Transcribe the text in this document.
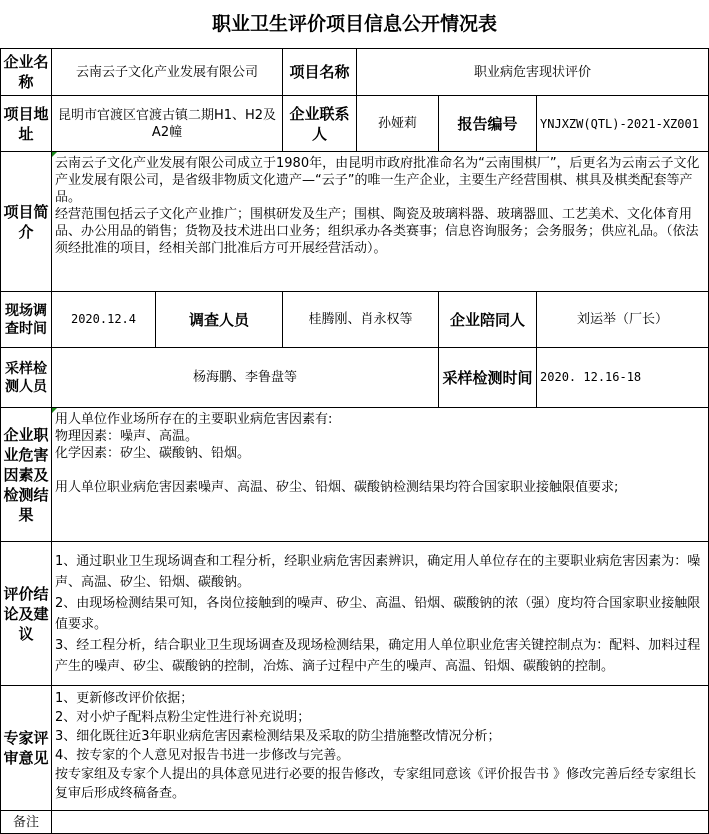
职业卫生评价项目信息公开情况表
企业名称	云南云子文化产业发展有限公司		项目名称	职业病危害现状评价		
项目地址	昆明市官渡区官渡古镇二期H1、H2及A2幢		企业联系人	孙娅莉	报告编号	YNJXZW(QTL)-2021-XZ001
项目简介	云南云子文化产业发展有限公司成立于1980年，由昆明市政府批准命名为“云南围棋厂”，后更名为云南云子文化产业发展有限公司，是省级非物质文化遗产—“云子”的唯一生产企业，主要生产经营围棋、棋具及棋类配套等产品。
经营范围包括云子文化产业推广；围棋研发及生产；围棋、陶瓷及玻璃料器、玻璃器皿、工艺美术、文化体育用品、办公用品的销售；货物及技术进出口业务；组织承办各类赛事；信息咨询服务；会务服务；供应礼品。（依法须经批准的项目，经相关部门批准后方可开展经营活动）。					

现场调查时间	2020.12.4	调查人员	桂腾刚、肖永权等		企业陪同人	刘运举（厂长）
采样检测人员	杨海鹏、李鲁盘等				采样检测时间	2020. 12.16-18
企业职业危害因素及检测结果	用人单位作业场所存在的主要职业病危害因素有:
物理因素：噪声、高温。
化学因素：矽尘、碳酸钠、铅烟。

用人单位职业病危害因素噪声、高温、矽尘、铅烟、碳酸钠检测结果均符合国家职业接触限值要求;					

评价结论及建议	1、通过职业卫生现场调查和工程分析，经职业病危害因素辨识，确定用人单位存在的主要职业病危害因素为：噪声、高温、矽尘、铅烟、碳酸钠。
2、由现场检测结果可知，各岗位接触到的噪声、矽尘、高温、铅烟、碳酸钠的浓（强）度均符合国家职业接触限值要求。
3、经工程分析，结合职业卫生现场调查及现场检测结果，确定用人单位职业危害关键控制点为：配料、加料过程产生的噪声、矽尘、碳酸钠的控制，冶炼、滴子过程中产生的噪声、高温、铅烟、碳酸钠的控制。					

专家评审意见	1、更新修改评价依据；
2、对小炉子配料点粉尘定性进行补充说明；
3、细化既往近3年职业病危害因素检测结果及采取的防尘措施整改情况分析；
4、按专家的个人意见对报告书进一步修改与完善。
按专家组及专家个人提出的具体意见进行必要的报告修改，专家组同意该《评价报告书 》修改完善后经专家组长复审后形成终稿备查。					

备注						
